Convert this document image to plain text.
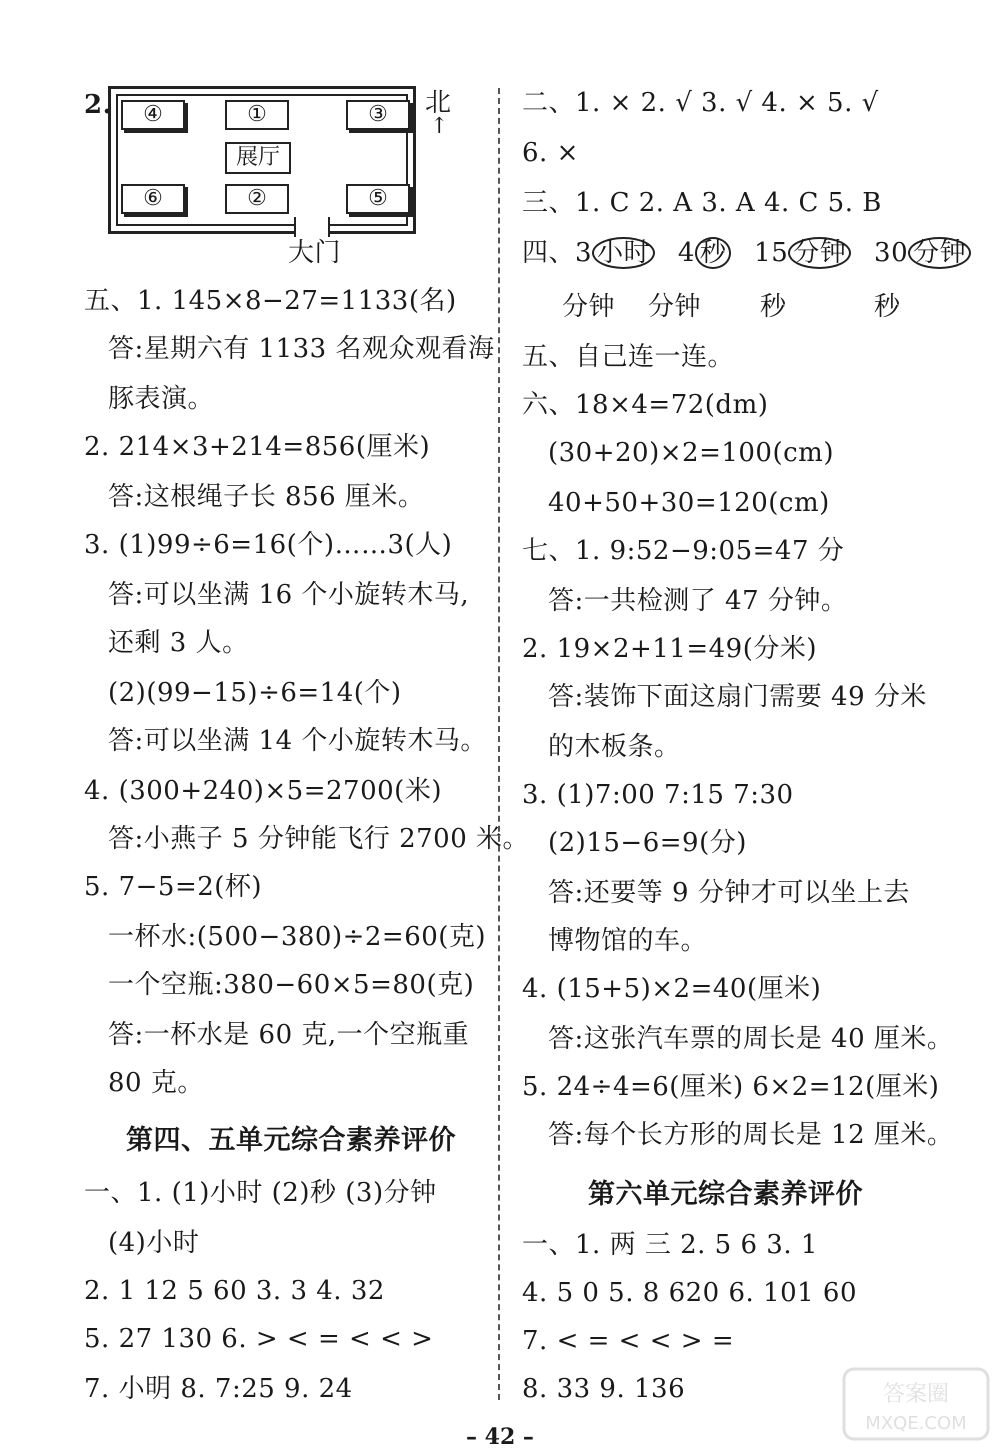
2.	④	①	③
展厅
⑥	②	⑤
北
↑
大门
五、1. 145×8−27=1133(名)
答:星期六有 1133 名观众观看海
豚表演。
2. 214×3+214=856(厘米)
答:这根绳子长 856 厘米。
3. (1)99÷6=16(个)……3(人)
答:可以坐满 16 个小旋转木马,
还剩 3 人。
(2)(99−15)÷6=14(个)
答:可以坐满 14 个小旋转木马。
4. (300+240)×5=2700(米)
答:小燕子 5 分钟能飞行 2700 米。
5. 7−5=2(杯)
一杯水:(500−380)÷2=60(克)
一个空瓶:380−60×5=80(克)
答:一杯水是 60 克,一个空瓶重
80 克。
第四、五单元综合素养评价
一、1. (1)小时 (2)秒 (3)分钟
(4)小时
2. 1 12 5 60 3. 3 4. 32
5. 27 130 6. > < = < < >
7. 小明 8. 7:25 9. 24
二、1. × 2. √ 3. √ 4. × 5. √
6. ×
三、1. C 2. A 3. A 4. C 5. B
四、3 小时 4 秒 15 分钟 30 分钟
分钟 分钟 秒	秒
五、自己连一连。
六、18×4=72(dm)
(30+20)×2=100(cm)
40+50+30=120(cm)
七、1. 9:52−9:05=47 分
答:一共检测了 47 分钟。
2. 19×2+11=49(分米)
答:装饰下面这扇门需要 49 分米
的木板条。
3. (1)7:00 7:15 7:30
(2)15−6=9(分)
答:还要等 9 分钟才可以坐上去
博物馆的车。
4. (15+5)×2=40(厘米)
答:这张汽车票的周长是 40 厘米。
5. 24÷4=6(厘米) 6×2=12(厘米)
答:每个长方形的周长是 12 厘米。
第六单元综合素养评价
一、1. 两 三 2. 5 6 3. 1
4. 5 0 5. 8 620 6. 101 60
7. < = < < > =
8. 33 9. 136
– 42 –
答案圈
MXQE.COM
